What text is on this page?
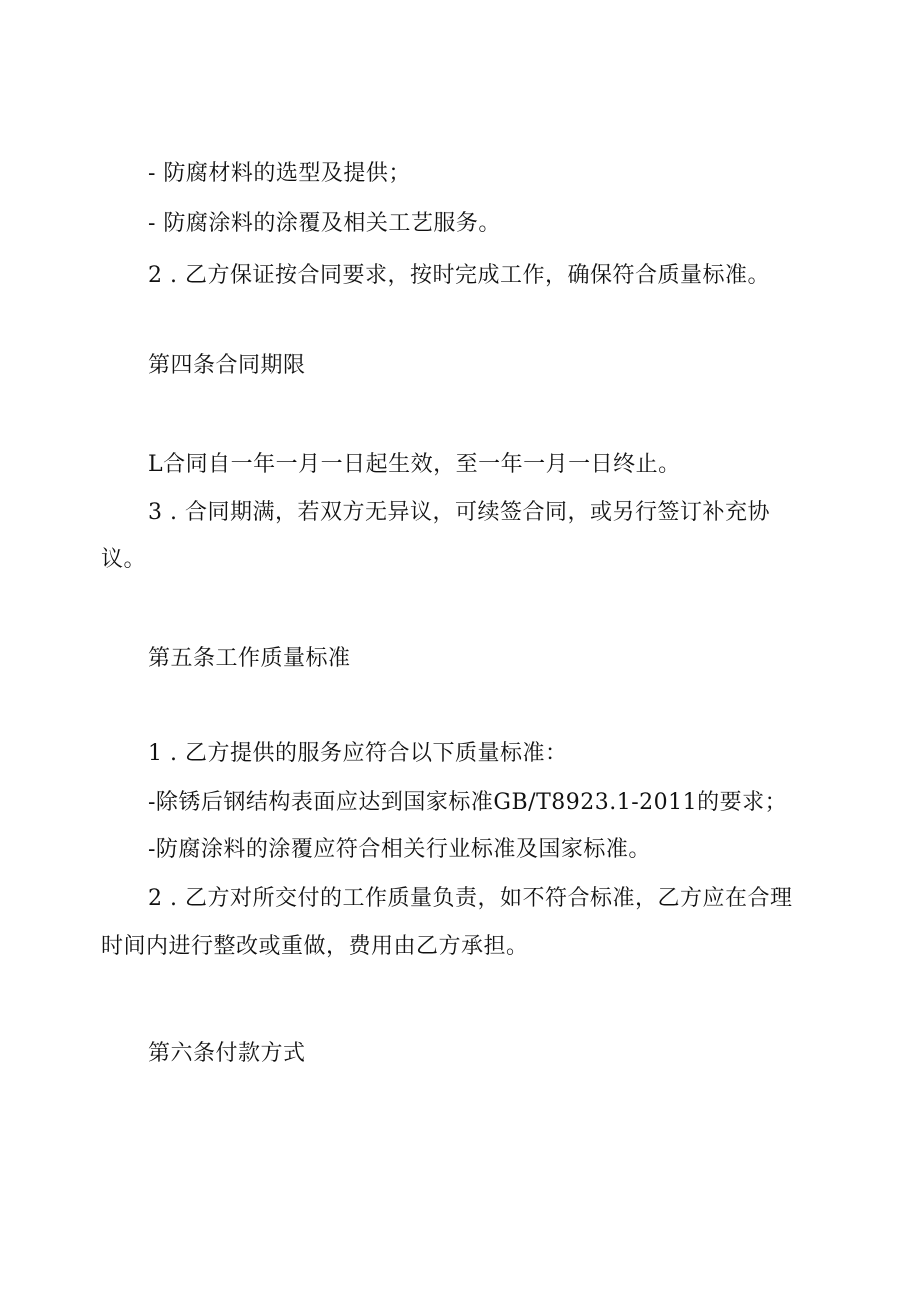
- 防腐材料的选型及提供；
- 防腐涂料的涂覆及相关工艺服务。
2 . 乙方保证按合同要求，按时完成工作，确保符合质量标准。
第四条合同期限
L合同自一年一月一日起生效，至一年一月一日终止。
3 . 合同期满，若双方无异议，可续签合同，或另行签订补充协
议。
第五条工作质量标准
1 . 乙方提供的服务应符合以下质量标准：
-除锈后钢结构表面应达到国家标准GB/T8923.1-2011的要求；
-防腐涂料的涂覆应符合相关行业标准及国家标准。
2 . 乙方对所交付的工作质量负责，如不符合标准，乙方应在合理
时间内进行整改或重做，费用由乙方承担。
第六条付款方式
